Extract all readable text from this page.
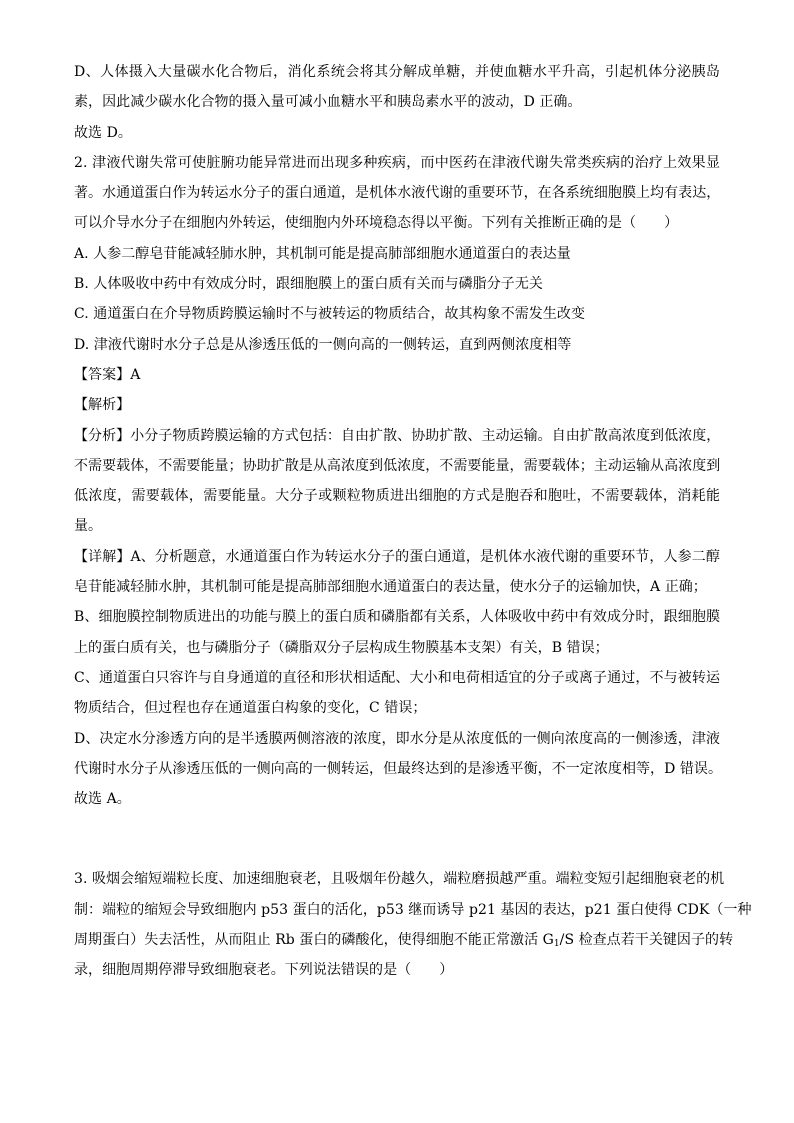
D、人体摄入大量碳水化合物后，消化系统会将其分解成单糖，并使血糖水平升高，引起机体分泌胰岛
素，因此减少碳水化合物的摄入量可减小血糖水平和胰岛素水平的波动，D 正确。
故选 D。
2. 津液代谢失常可使脏腑功能异常进而出现多种疾病，而中医药在津液代谢失常类疾病的治疗上效果显
著。水通道蛋白作为转运水分子的蛋白通道，是机体水液代谢的重要环节，在各系统细胞膜上均有表达，
可以介导水分子在细胞内外转运，使细胞内外环境稳态得以平衡。下列有关推断正确的是（　　）
A. 人参二醇皂苷能减轻肺水肿，其机制可能是提高肺部细胞水通道蛋白的表达量
B. 人体吸收中药中有效成分时，跟细胞膜上的蛋白质有关而与磷脂分子无关
C. 通道蛋白在介导物质跨膜运输时不与被转运的物质结合，故其构象不需发生改变
D. 津液代谢时水分子总是从渗透压低的一侧向高的一侧转运，直到两侧浓度相等
【答案】A
【解析】
【分析】小分子物质跨膜运输的方式包括：自由扩散、协助扩散、主动运输。自由扩散高浓度到低浓度，
不需要载体，不需要能量；协助扩散是从高浓度到低浓度，不需要能量，需要载体；主动运输从高浓度到
低浓度，需要载体，需要能量。大分子或颗粒物质进出细胞的方式是胞吞和胞吐，不需要载体，消耗能
量。
【详解】A、分析题意，水通道蛋白作为转运水分子的蛋白通道，是机体水液代谢的重要环节，人参二醇
皂苷能减轻肺水肿，其机制可能是提高肺部细胞水通道蛋白的表达量，使水分子的运输加快，A 正确；
B、细胞膜控制物质进出的功能与膜上的蛋白质和磷脂都有关系，人体吸收中药中有效成分时，跟细胞膜
上的蛋白质有关，也与磷脂分子（磷脂双分子层构成生物膜基本支架）有关，B 错误；
C、通道蛋白只容许与自身通道的直径和形状相适配、大小和电荷相适宜的分子或离子通过，不与被转运
物质结合，但过程也存在通道蛋白构象的变化，C 错误；
D、决定水分渗透方向的是半透膜两侧溶液的浓度，即水分是从浓度低的一侧向浓度高的一侧渗透，津液
代谢时水分子从渗透压低的一侧向高的一侧转运，但最终达到的是渗透平衡，不一定浓度相等，D 错误。
故选 A。
3. 吸烟会缩短端粒长度、加速细胞衰老，且吸烟年份越久，端粒磨损越严重。端粒变短引起细胞衰老的机
制：端粒的缩短会导致细胞内 p53 蛋白的活化，p53 继而诱导 p21 基因的表达，p21 蛋白使得 CDK（一种
周期蛋白）失去活性，从而阻止 Rb 蛋白的磷酸化，使得细胞不能正常激活 $G_1/S$ 检查点若干关键因子的转
录，细胞周期停滞导致细胞衰老。下列说法错误的是（　　）
